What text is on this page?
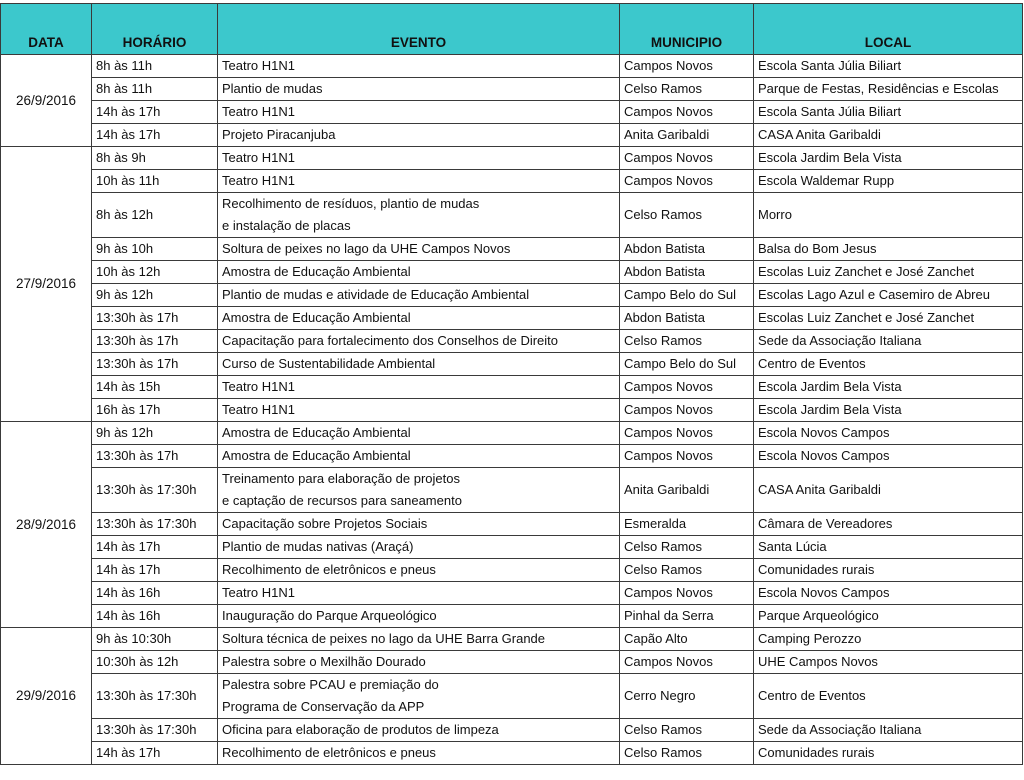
DATA	HORÁRIO	EVENTO	MUNICIPIO	LOCAL
26/9/2016	8h às 11h	Teatro H1N1	Campos Novos	Escola Santa Júlia Biliart
	8h às 11h	Plantio de mudas	Celso Ramos	Parque de Festas, Residências e Escolas
	14h às 17h	Teatro H1N1	Campos Novos	Escola Santa Júlia Biliart
	14h às 17h	Projeto Piracanjuba	Anita Garibaldi	CASA Anita Garibaldi
27/9/2016	8h às 9h	Teatro H1N1	Campos Novos	Escola Jardim Bela Vista
	10h às 11h	Teatro H1N1	Campos Novos	Escola Waldemar Rupp
	8h às 12h	Recolhimento de resíduos, plantio de mudas
e instalação de placas	Celso Ramos	Morro
	9h às 10h	Soltura de peixes no lago da UHE Campos Novos	Abdon Batista	Balsa do Bom Jesus
	10h às 12h	Amostra de Educação Ambiental	Abdon Batista	Escolas Luiz Zanchet e José Zanchet
	9h às 12h	Plantio de mudas e atividade de Educação Ambiental	Campo Belo do Sul	Escolas Lago Azul e Casemiro de Abreu
	13:30h às 17h	Amostra de Educação Ambiental	Abdon Batista	Escolas Luiz Zanchet e José Zanchet
	13:30h às 17h	Capacitação para fortalecimento dos Conselhos de Direito	Celso Ramos	Sede da Associação Italiana
	13:30h às 17h	Curso de Sustentabilidade Ambiental	Campo Belo do Sul	Centro de Eventos
	14h às 15h	Teatro H1N1	Campos Novos	Escola Jardim Bela Vista
	16h às 17h	Teatro H1N1	Campos Novos	Escola Jardim Bela Vista
28/9/2016	9h às 12h	Amostra de Educação Ambiental	Campos Novos	Escola Novos Campos
	13:30h às 17h	Amostra de Educação Ambiental	Campos Novos	Escola Novos Campos
	13:30h às 17:30h	Treinamento para elaboração de projetos
e captação de recursos para saneamento	Anita Garibaldi	CASA Anita Garibaldi
	13:30h às 17:30h	Capacitação sobre Projetos Sociais	Esmeralda	Câmara de Vereadores
	14h às 17h	Plantio de mudas nativas (Araçá)	Celso Ramos	Santa Lúcia
	14h às 17h	Recolhimento de eletrônicos e pneus	Celso Ramos	Comunidades rurais
	14h às 16h	Teatro H1N1	Campos Novos	Escola Novos Campos
	14h às 16h	Inauguração do Parque Arqueológico	Pinhal da Serra	Parque Arqueológico
29/9/2016	9h às 10:30h	Soltura técnica de peixes no lago da UHE Barra Grande	Capão Alto	Camping Perozzo
	10:30h às 12h	Palestra sobre o Mexilhão Dourado	Campos Novos	UHE Campos Novos
	13:30h às 17:30h	Palestra sobre PCAU e premiação do
Programa de Conservação da APP	Cerro Negro	Centro de Eventos
	13:30h às 17:30h	Oficina para elaboração de produtos de limpeza	Celso Ramos	Sede da Associação Italiana
	14h às 17h	Recolhimento de eletrônicos e pneus	Celso Ramos	Comunidades rurais
